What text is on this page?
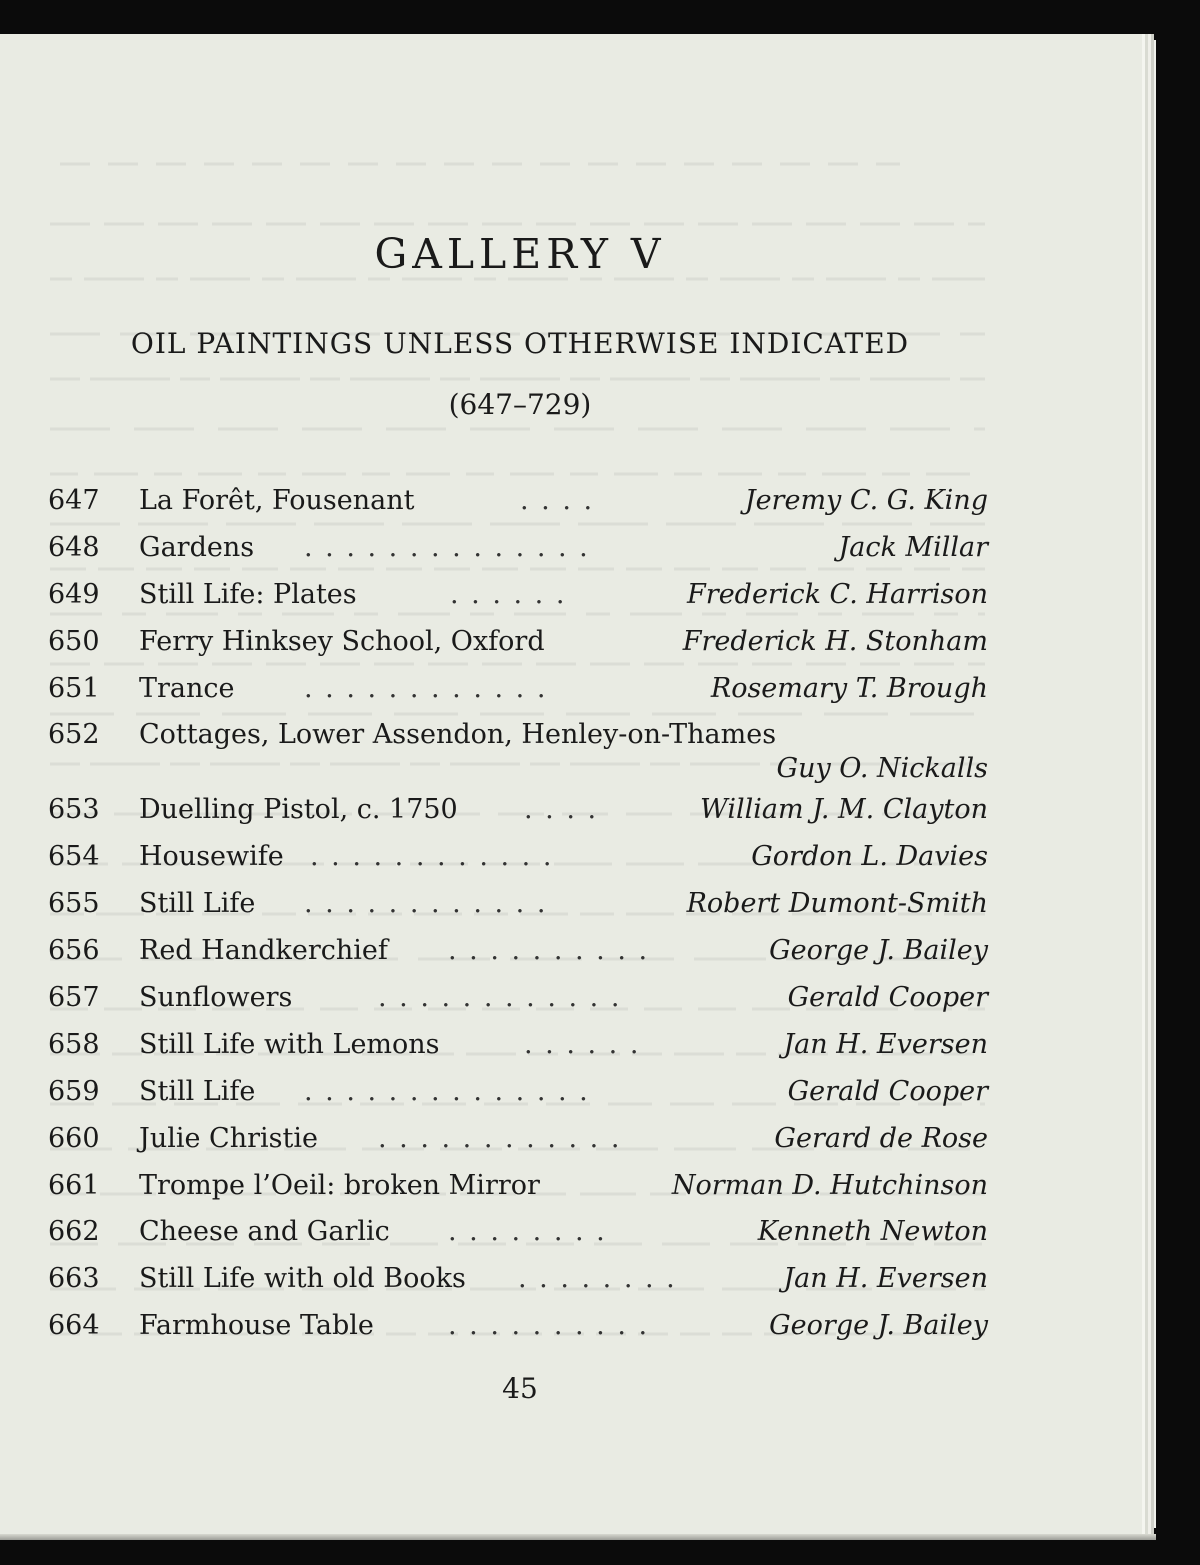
GALLERY V
OIL PAINTINGS UNLESS OTHERWISE INDICATED
(647–729)
647 La Forêt, Fousenant	. . . .	Jeremy C. G. King
648 Gardens . . . . . . . . . . . . . .	Jack Millar
649 Still Life: Plates	. . . . . .	Frederick C. Harrison
650 Ferry Hinksey School, Oxford	Frederick H. Stonham
651 Trance	. . . . . . . . . . . .	Rosemary T. Brough
652 Cottages, Lower Assendon, Henley-on-Thames
Guy O. Nickalls
653 Duelling Pistol, c. 1750 . . . .	William J. M. Clayton
654 Housewife . . . . . . . . . . . .	Gordon L. Davies
655 Still Life . . . . . . . . . . . .	Robert Dumont-Smith
656 Red Handkerchief . . . . . . . . . .	George J. Bailey
657 Sunflowers	. . . . . . . . . . . .	Gerald Cooper
658 Still Life with Lemons	. . . . . .	Jan H. Eversen
659 Still Life . . . . . . . . . . . . . .	Gerald Cooper
660 Julie Christie . . . . . . . . . . . .	Gerard de Rose
661 Trompe l’Oeil: broken Mirror	Norman D. Hutchinson
662 Cheese and Garlic . . . . . . . .	Kenneth Newton
663 Still Life with old Books . . . . . . . .	Jan H. Eversen
664 Farmhouse Table	. . . . . . . . . .	George J. Bailey
45
